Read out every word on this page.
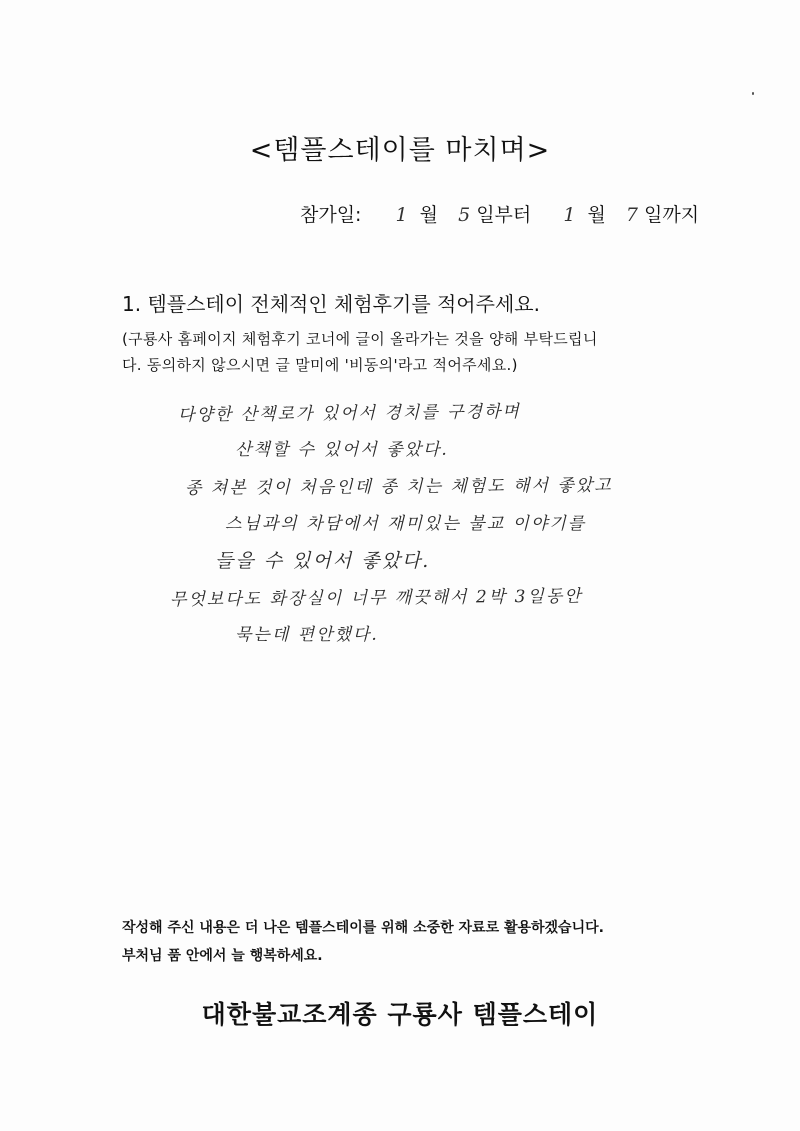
<템플스테이를 마치며>
참가일: 1 월 5 일부터 1 월 7 일까지
1. 템플스테이 전체적인 체험후기를 적어주세요.
(구룡사 홈페이지 체험후기 코너에 글이 올라가는 것을 양해 부탁드립니
다. 동의하지 않으시면 글 말미에 '비동의'라고 적어주세요.)
다양한 산책로가 있어서 경치를 구경하며
산책할 수 있어서 좋았다.
종 쳐본 것이 처음인데 종 치는 체험도 해서 좋았고
스님과의 차담에서 재미있는 불교 이야기를
들을 수 있어서 좋았다.
무엇보다도 화장실이 너무 깨끗해서 2박 3일동안
묵는데 편안했다.
작성해 주신 내용은 더 나은 템플스테이를 위해 소중한 자료로 활용하겠습니다.
부처님 품 안에서 늘 행복하세요.
대한불교조계종 구룡사 템플스테이
